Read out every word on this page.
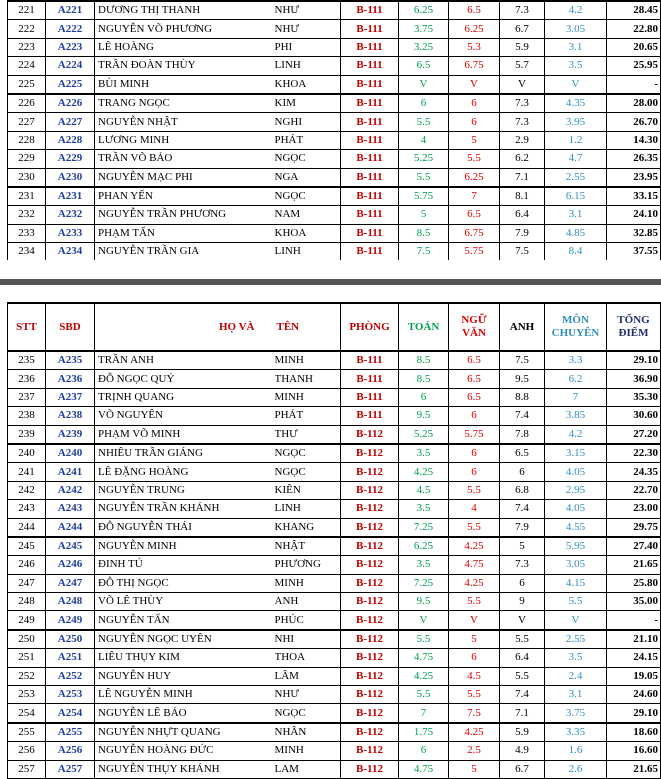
221	A221	DƯƠNG THỊ THANH	NHƯ	B-111	6.25	6.5	7.3	4.2	28.45
222	A222	NGUYỄN VÕ PHƯƠNG	NHƯ	B-111	3.75	6.25	6.7	3.05	22.80
223	A223	LÊ HOÀNG	PHI	B-111	3.25	5.3	5.9	3.1	20.65
224	A224	TRẦN ĐOÀN THÙY	LINH	B-111	6.5	6.75	5.7	3.5	25.95
225	A225	BÙI MINH	KHOA	B-111	V	V	V	V	-
226	A226	TRANG NGỌC	KIM	B-111	6	6	7.3	4.35	28.00
227	A227	NGUYỄN NHẬT	NGHI	B-111	5.5	6	7.3	3.95	26.70
228	A228	LƯƠNG MINH	PHÁT	B-111	4	5	2.9	1.2	14.30
229	A229	TRẦN VÕ BẢO	NGỌC	B-111	5.25	5.5	6.2	4.7	26.35
230	A230	NGUYỄN MẠC PHI	NGA	B-111	5.5	6.25	7.1	2.55	23.95
231	A231	PHAN YẾN	NGỌC	B-111	5.75	7	8.1	6.15	33.15
232	A232	NGUYỄN TRẦN PHƯƠNG	NAM	B-111	5	6.5	6.4	3.1	24.10
233	A233	PHẠM TẤN	KHOA	B-111	8.5	6.75	7.9	4.85	32.85
234	A234	NGUYỄN TRẦN GIA	LINH	B-111	7.5	5.75	7.5	8.4	37.55
STT	SBD	HỌ VÀ	TÊN	PHÒNG	TOÁN	NGỮ VĂN	ANH	MÔN CHUYÊN	TỔNG ĐIỂM
235	A235	TRẦN ANH	MINH	B-111	8.5	6.5	7.5	3.3	29.10
236	A236	ĐỖ NGỌC QUÝ	THANH	B-111	8.5	6.5	9.5	6.2	36.90
237	A237	TRỊNH QUANG	MINH	B-111	6	6.5	8.8	7	35.30
238	A238	VÕ NGUYÊN	PHÁT	B-111	9.5	6	7.4	3.85	30.60
239	A239	PHẠM VÕ MINH	THƯ	B-112	5.25	5.75	7.8	4.2	27.20
240	A240	NHIÊU TRẦN GIÁNG	NGỌC	B-112	3.5	6	6.5	3.15	22.30
241	A241	LÊ ĐẶNG HOÀNG	NGỌC	B-112	4.25	6	6	4.05	24.35
242	A242	NGUYỄN TRUNG	KIÊN	B-112	4.5	5.5	6.8	2.95	22.70
243	A243	NGUYỄN TRẦN KHÁNH	LINH	B-112	3.5	4	7.4	4.05	23.00
244	A244	ĐỖ NGUYỄN THÁI	KHANG	B-112	7.25	5.5	7.9	4.55	29.75
245	A245	NGUYỄN MINH	NHẬT	B-112	6.25	4.25	5	5.95	27.40
246	A246	ĐINH TÚ	PHƯƠNG	B-112	3.5	4.75	7.3	3.05	21.65
247	A247	ĐỖ THỊ NGỌC	MINH	B-112	7.25	4.25	6	4.15	25.80
248	A248	VÕ LÊ THÙY	ANH	B-112	9.5	5.5	9	5.5	35.00
249	A249	NGUYỄN TẤN	PHÚC	B-112	V	V	V	V	-
250	A250	NGUYỄN NGỌC UYÊN	NHI	B-112	5.5	5	5.5	2.55	21.10
251	A251	LIÊU THỤY KIM	THOA	B-112	4.75	6	6.4	3.5	24.15
252	A252	NGUYỄN HUY	LÂM	B-112	4.25	4.5	5.5	2.4	19.05
253	A253	LÊ NGUYỄN MINH	NHƯ	B-112	5.5	5.5	7.4	3.1	24.60
254	A254	NGUYỄN LÊ BẢO	NGỌC	B-112	7	7.5	7.1	3.75	29.10
255	A255	NGUYỄN NHỰT QUANG	NHÂN	B-112	1.75	4.25	5.9	3.35	18.60
256	A256	NGUYỄN HOÀNG ĐỨC	MINH	B-112	6	2.5	4.9	1.6	16.60
257	A257	NGUYỄN THỤY KHÁNH	LAM	B-112	4.75	5	6.7	2.6	21.65
